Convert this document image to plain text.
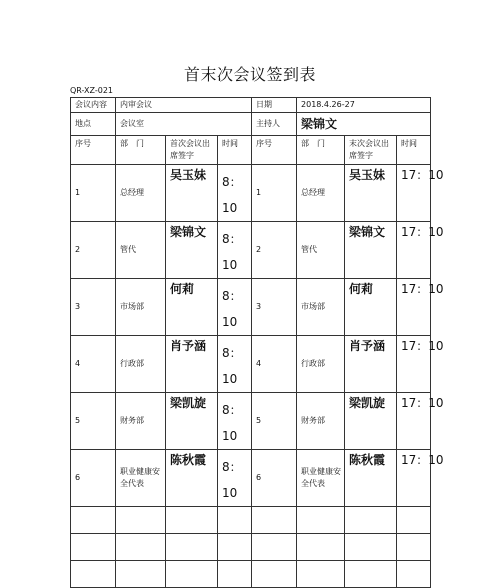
首末次会议签到表
QR-XZ-021
会议内容	内审会议			日期	2018.4.26-27		
地点	会议室			主持人	梁锦文		
序号	部　门	首次会议出席签字	时间	序号	部　门	末次会议出席签字	时间
1	总经理	吴玉妹	8：10	1	总经理	吴玉妹	17：10
2	管代	梁锦文	8：10	2	管代	梁锦文	17：10
3	市场部	何莉	8：10	3	市场部	何莉	17：10
4	行政部	肖予涵	8：10	4	行政部	肖予涵	17：10
5	财务部	梁凯旋	8：10	5	财务部	梁凯旋	17：10
6	职业健康安全代表	陈秋霞	8：10	6	职业健康安全代表	陈秋霞	17：10
